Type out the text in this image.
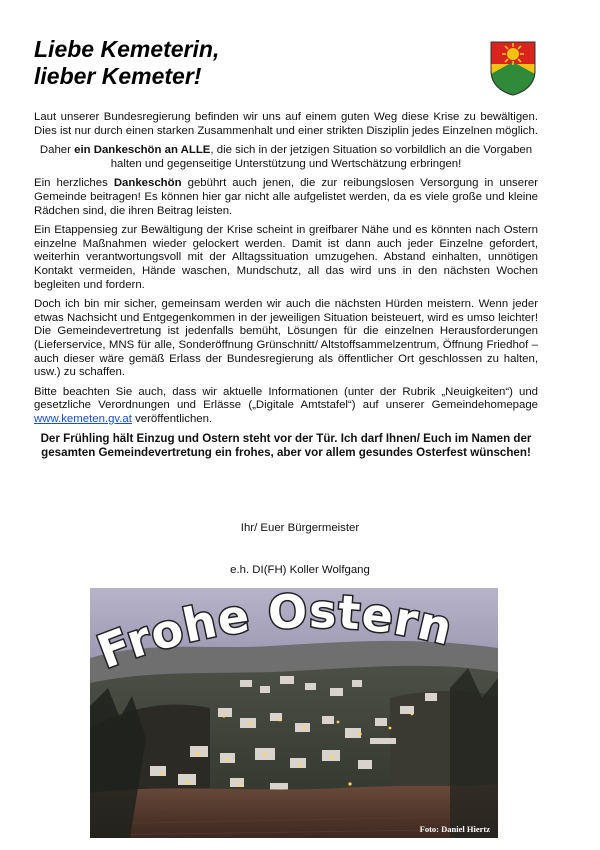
Liebe Kemeterin,
lieber Kemeter!

Laut unserer Bundesregierung befinden wir uns auf einem guten Weg diese Krise zu bewältigen. Dies ist nur durch einen starken Zusammenhalt und einer strikten Disziplin jedes Einzelnen möglich.

Daher ein Dankeschön an ALLE, die sich in der jetzigen Situation so vorbildlich an die Vorgaben halten und gegenseitige Unterstützung und Wertschätzung erbringen!

Ein herzliches Dankeschön gebührt auch jenen, die zur reibungslosen Versorgung in unserer Gemeinde beitragen! Es können hier gar nicht alle aufgelistet werden, da es viele große und kleine Rädchen sind, die ihren Beitrag leisten.

Ein Etappensieg zur Bewältigung der Krise scheint in greifbarer Nähe und es könnten nach Ostern einzelne Maßnahmen wieder gelockert werden. Damit ist dann auch jeder Einzelne gefordert, weiterhin verantwortungsvoll mit der Alltagssituation umzugehen. Abstand einhalten, unnötigen Kontakt vermeiden, Hände waschen, Mundschutz, all das wird uns in den nächsten Wochen begleiten und fordern.

Doch ich bin mir sicher, gemeinsam werden wir auch die nächsten Hürden meistern. Wenn jeder etwas Nachsicht und Entgegenkommen in der jeweiligen Situation beisteuert, wird es umso leichter! Die Gemeindevertretung ist jedenfalls bemüht, Lösungen für die einzelnen Herausforderungen (Lieferservice, MNS für alle, Sonderöffnung Grünschnitt/ Altstoffsammelzentrum, Öffnung Friedhof – auch dieser wäre gemäß Erlass der Bundesregierung als öffentlicher Ort geschlossen zu halten, usw.) zu schaffen.

Bitte beachten Sie auch, dass wir aktuelle Informationen (unter der Rubrik „Neuigkeiten“) und gesetzliche Verordnungen und Erlässe („Digitale Amtstafel“) auf unserer Gemeindehomepage www.kemeten.gv.at veröffentlichen.

Der Frühling hält Einzug und Ostern steht vor der Tür. Ich darf Ihnen/ Euch im Namen der gesamten Gemeindevertretung ein frohes, aber vor allem gesundes Osterfest wünschen!

Ihr/ Euer Bürgermeister
e.h. DI(FH) Koller Wolfgang
Frohe Ostern
Foto: Daniel Hiertz
